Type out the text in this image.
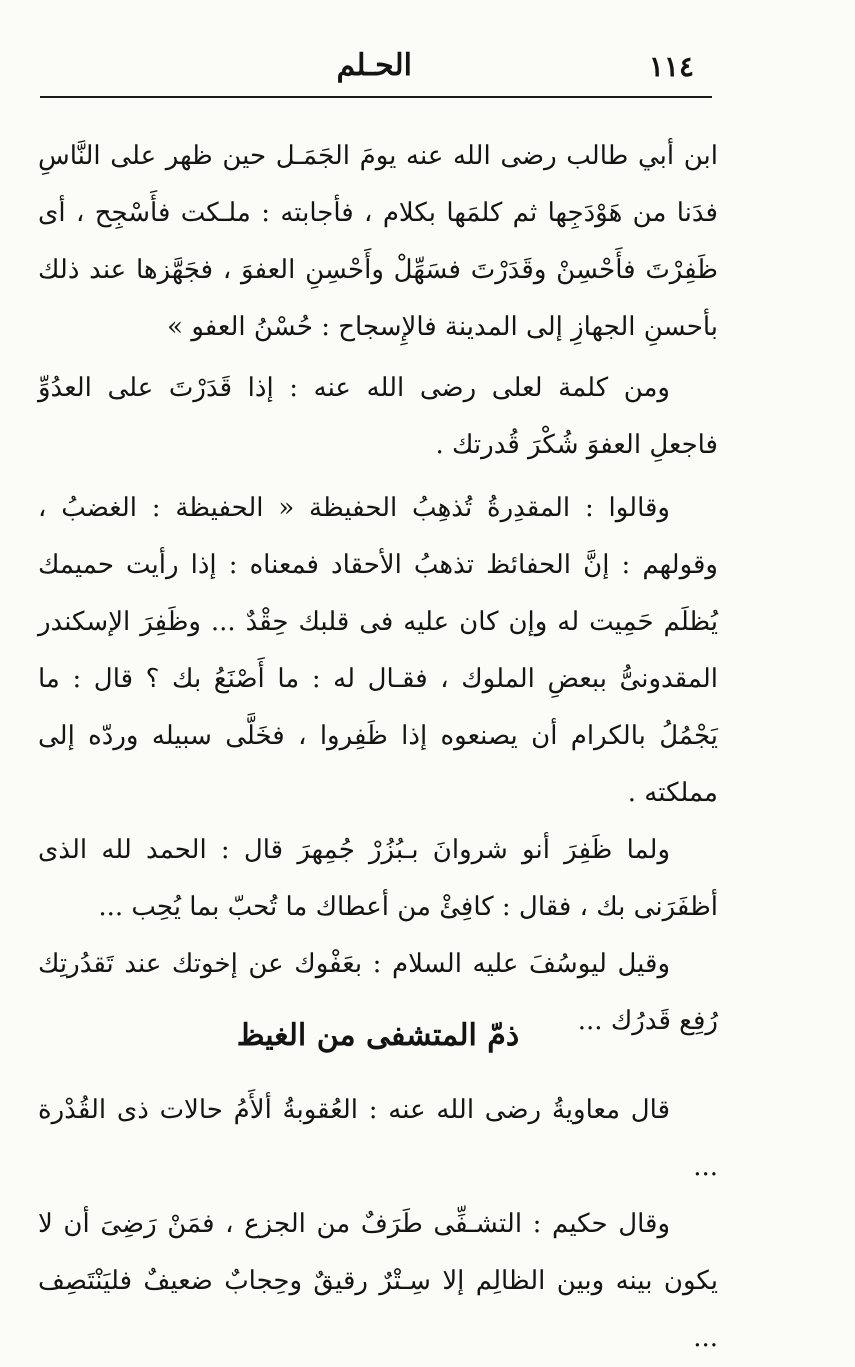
١١٤
الحـلم

ابن أبي طالب رضى الله عنه يومَ الجَمَـل حين ظهر على النَّاسِ فدَنا من هَوْدَجِها ثم كلمَها بكلام ، فأجابته : ملـكت فأَسْجِح ، أى ظَفِرْتَ فأَحْسِنْ وقَدَرْتَ فسَهِّلْ وأَحْسِنِ العفوَ ، فجَهَّزها عند ذلك بأحسنِ الجهازِ إلى المدينة فالإِسجاح : حُسْنُ العفو »

ومن كلمة لعلى رضى الله عنه : إذا قَدَرْتَ على العدُوِّ فاجعلِ العفوَ شُكْرَ قُدرتك .

وقالوا : المقدِرةُ تُذهِبُ الحفيظة « الحفيظة : الغضبُ ، وقولهم : إنَّ الحفائظ تذهبُ الأحقاد فمعناه : إذا رأيت حميمك يُظلَم حَمِيت له وإن كان عليه فى قلبك حِقْدٌ ... وظَفِرَ الإسكندر المقدونىُّ ببعضِ الملوك ، فقـال له : ما أَصْنَعُ بك ؟ قال : ما يَجْمُلُ بالكرام أن يصنعوه إذا ظَفِروا ، فخَلَّى سبيله وردّه إلى مملكته .

ولما ظَفِرَ أنو شروانَ بـبُزُرْ جُمِهرَ قال : الحمد لله الذى أظفَرَنى بك ، فقال : كافِئْ من أعطاك ما تُحبّ بما يُحِب ...

وقيل ليوسُفَ عليه السلام : بعَفْوك عن إخوتك عند تَقدُرتِك رُفِع قَدرُك ...

ذمّ المتشفى من الغيظ

قال معاويةُ رضى الله عنه : العُقوبةُ ألأَمُ حالات ذى القُدْرة ...

وقال حكيم : التشـفِّى طَرَفٌ من الجزع ، فمَنْ رَضِىَ أن لا يكون بينه وبين الظالِم إلا سِـتْرٌ رقيقٌ وحِجابٌ ضعيفٌ فليَنْتَصِف ...
